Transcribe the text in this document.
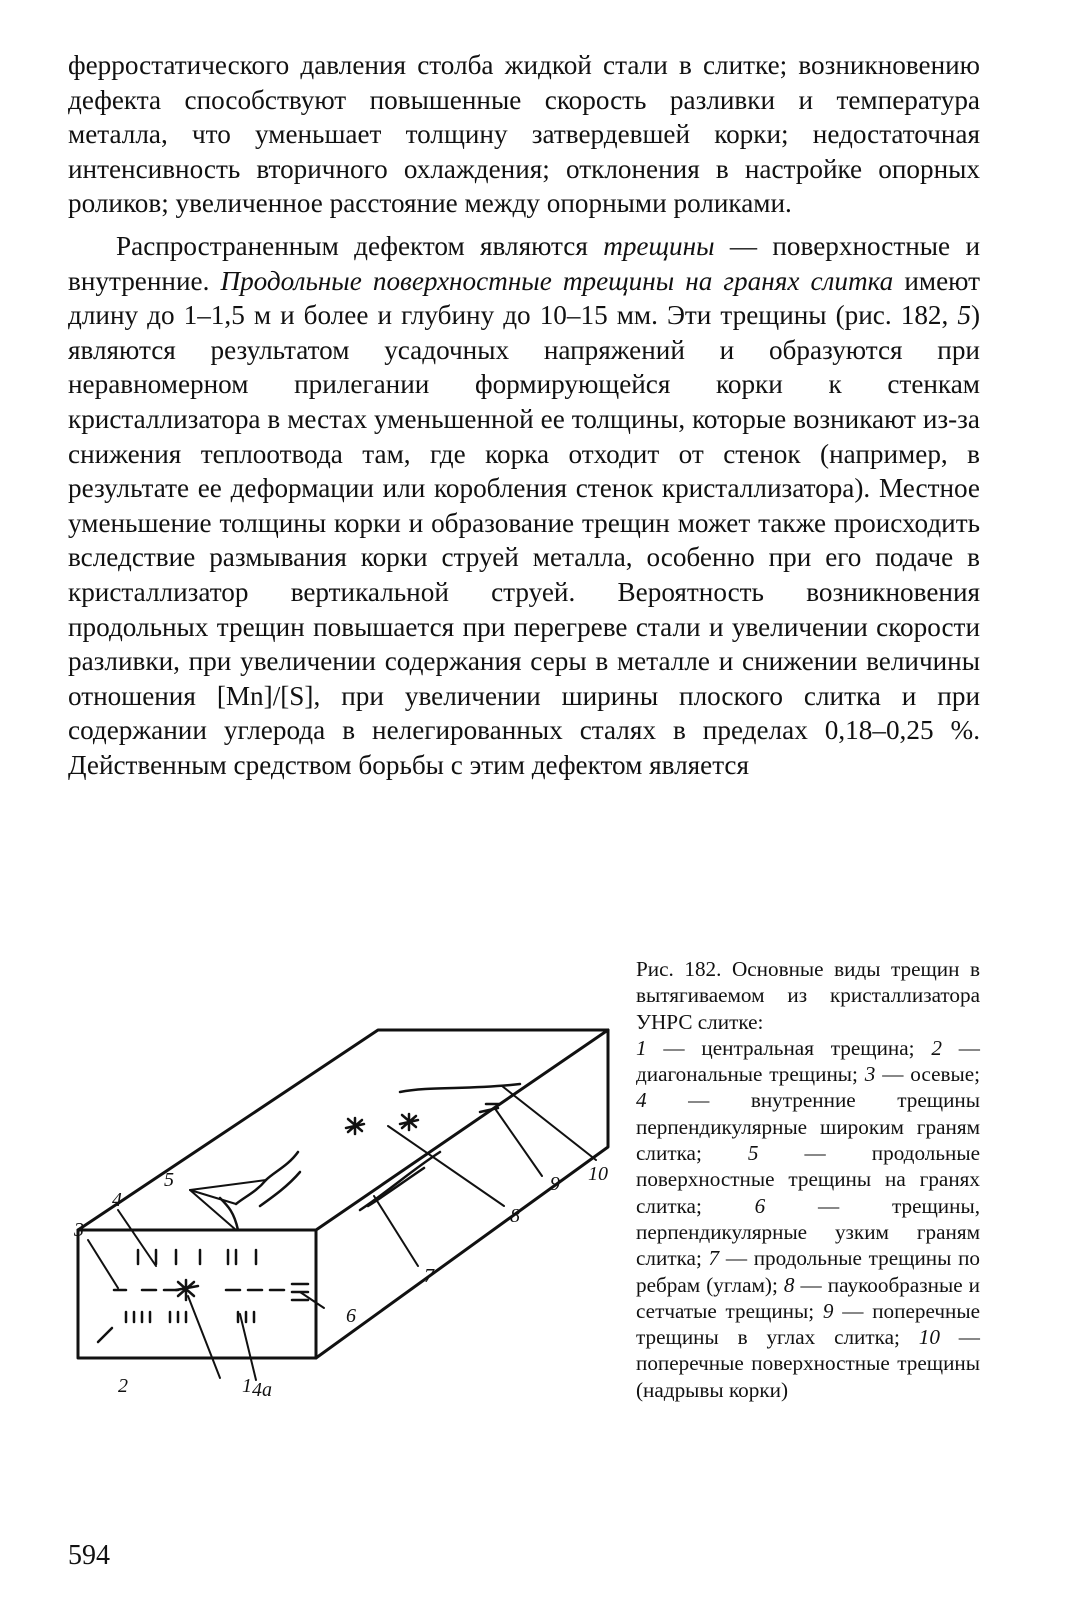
ферростатического давления столба жидкой стали в слитке; возникновению дефекта способствуют повышенные скорость разливки и температура металла, что уменьшает толщину затвердевшей корки; недостаточная интенсивность вторичного охлаждения; отклонения в настройке опорных роликов; увеличенное расстояние между опорными роликами.

Распространенным дефектом являются трещины — поверхностные и внутренние. Продольные поверхностные трещины на гранях слитка имеют длину до 1–1,5 м и более и глубину до 10–15 мм. Эти трещины (рис. 182, 5) являются результатом усадочных напряжений и образуются при неравномерном прилегании формирующейся корки к стенкам кристаллизатора в местах уменьшенной ее толщины, которые возникают из-за снижения теплоотвода там, где корка отходит от стенок (например, в результате ее деформации или коробления стенок кристаллизатора). Местное уменьшение толщины корки и образование трещин может также происходить вследствие размывания корки струей металла, особенно при его подаче в кристаллизатор вертикальной струей. Вероятность возникновения продольных трещин повышается при перегреве стали и увеличении скорости разливки, при увеличении содержания серы в металле и снижении величины отношения [Mn]/[S], при увеличении ширины плоского слитка и при содержании углерода в нелегированных сталях в пределах 0,18–0,25 %. Действенным средством борьбы с этим дефектом является

1
2
3
4
4а
5
6
7
8
9 10
Рис. 182. Основные виды трещин в вытягиваемом из кристаллизатора УНРС слитке:
1 — центральная трещина; 2 — диагональные трещины; 3 — осевые; 4 — внутренние трещины перпендикулярные широким граням слитка; 5 — продольные поверхностные трещины на гранях слитка; 6 — трещины, перпендикулярные узким граням слитка; 7 — продольные трещины по ребрам (углам); 8 — паукообразные и сетчатые трещины; 9 — поперечные трещины в углах слитка; 10 — поперечные поверхностные трещины (надрывы корки)
594
